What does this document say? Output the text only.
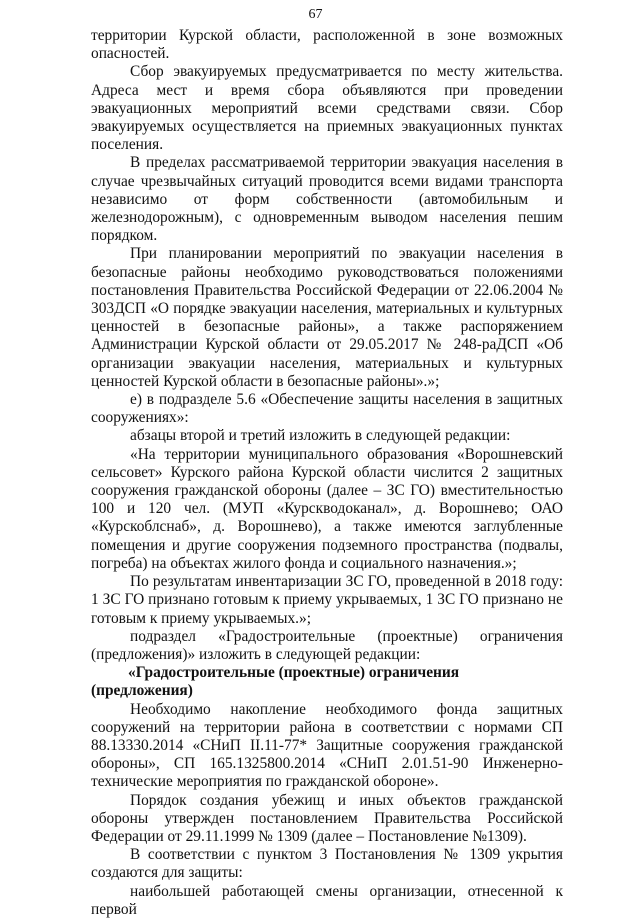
67

территории Курской области, расположенной в зоне возможных опасностей.

Сбор эвакуируемых предусматривается по месту жительства. Адреса мест и время сбора объявляются при проведении эвакуационных мероприятий всеми средствами связи. Сбор эвакуируемых осуществляется на приемных эвакуационных пунктах поселения.

В пределах рассматриваемой территории эвакуация населения в случае чрезвычайных ситуаций проводится всеми видами транспорта независимо от форм собственности (автомобильным и железнодорожным), с одновременным выводом населения пешим порядком.

При планировании мероприятий по эвакуации населения в безопасные районы необходимо руководствоваться положениями постановления Правительства Российской Федерации от 22.06.2004 № 303ДСП «О порядке эвакуации населения, материальных и культурных ценностей в безопасные районы», а также распоряжением Администрации Курской области от 29.05.2017 № 248-раДСП «Об организации эвакуации населения, материальных и культурных ценностей Курской области в безопасные районы».»;

е) в подразделе 5.6 «Обеспечение защиты населения в защитных сооружениях»:

абзацы второй и третий изложить в следующей редакции:

«На территории муниципального образования «Ворошневский сельсовет» Курского района Курской области числится 2 защитных сооружения гражданской обороны (далее – ЗС ГО) вместительностью 100 и 120 чел. (МУП «Курскводоканал», д. Ворошнево; ОАО «Курскоблснаб», д. Ворошнево), а также имеются заглубленные помещения и другие сооружения подземного пространства (подвалы, погреба) на объектах жилого фонда и социального назначения.»;

По результатам инвентаризации ЗС ГО, проведенной в 2018 году: 1 ЗС ГО признано готовым к приему укрываемых, 1 ЗС ГО признано не готовым к приему укрываемых.»;

подраздел «Градостроительные (проектные) ограничения (предложения)» изложить в следующей редакции:

«Градостроительные (проектные) ограничения (предложения)

Необходимо накопление необходимого фонда защитных сооружений на территории района в соответствии с нормами СП 88.13330.2014 «СНиП II.11-77* Защитные сооружения гражданской обороны», СП 165.1325800.2014 «СНиП 2.01.51-90 Инженерно-технические мероприятия по гражданской обороне».

Порядок создания убежищ и иных объектов гражданской обороны утвержден постановлением Правительства Российской Федерации от 29.11.1999 № 1309 (далее – Постановление №1309).

В соответствии с пунктом 3 Постановления № 1309 укрытия создаются для защиты:

наибольшей работающей смены организации, отнесенной к первой
